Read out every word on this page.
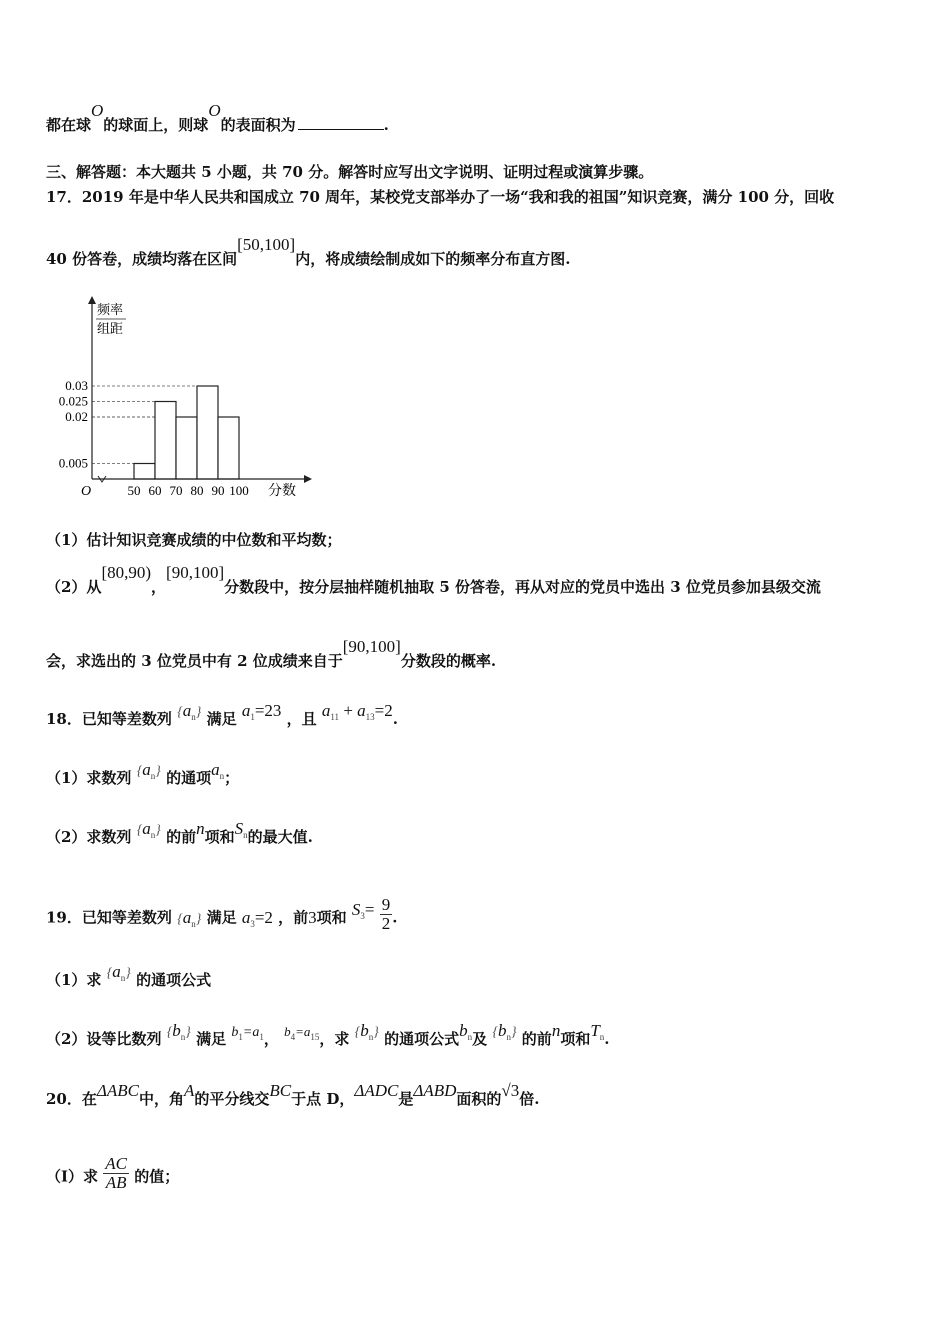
都在球O的球面上，则球O的表面积为	.
三、解答题：本大题共 5 小题，共 70 分。解答时应写出文字说明、证明过程或演算步骤。
17．2019 年是中华人民共和国成立 70 周年，某校党支部举办了一场“我和我的祖国”知识竞赛，满分 100 分，回收
40 份答卷，成绩均落在区间[50,100]内，将成绩绘制成如下的频率分布直方图.
0.03
0.025
0.02
0.005
50 60 70 80 90 100
O	分数
频率
组距
（1）估计知识竞赛成绩的中位数和平均数；
（2）从[80,90)，[90,100]分数段中，按分层抽样随机抽取 5 份答卷，再从对应的党员中选出 3 位党员参加县级交流
会，求选出的 3 位党员中有 2 位成绩来自于[90,100]分数段的概率.
18．已知等差数列 $\{a_n\}$ 满足 $a_1=23$ ，且 $a_{11} + a_{13}=2$.
（1）求数列 $\{a_n\}$ 的通项$a_n$；
（2）求数列 $\{a_n\}$ 的前n项和$S_n$的最大值.
19．已知等差数列 $\{a_n\}$ 满足 $a_3=2$ ，前3项和 $S_3= \frac{9}{2}$ .
（1）求 $\{a_n\}$ 的通项公式
（2）设等比数列 $\{b_n\}$ 满足 $b_1=a_1$， $b_4=a_{15}$，求 $\{b_n\}$ 的通项公式$b_n$及 $\{b_n\}$ 的前n项和$T_n$.
20．在ΔABC中，角A的平分线交BC于点 D，ΔADC是ΔABD面积的√3倍.
（I）求 $\frac{AC}{AB}$ 的值；
